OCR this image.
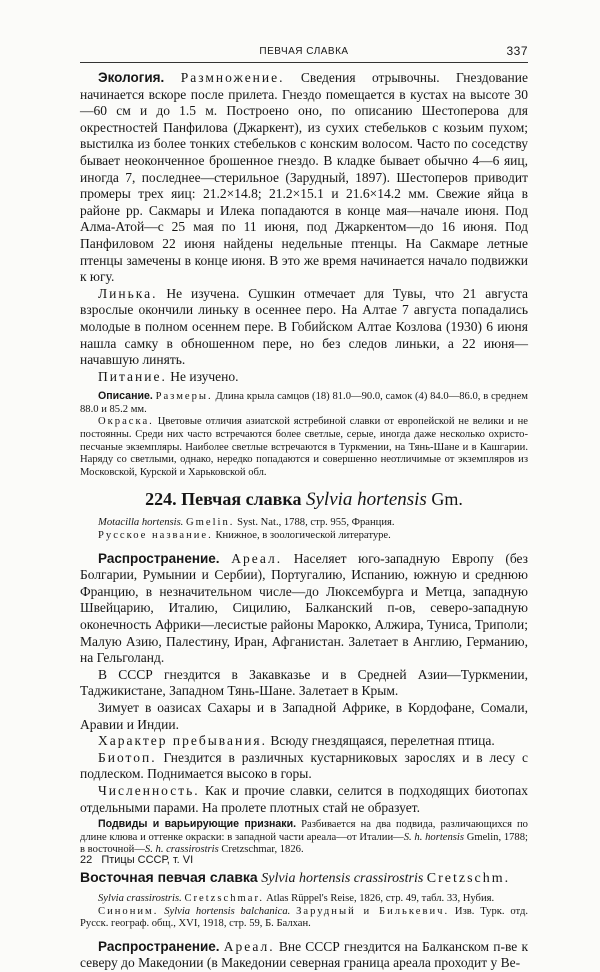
ПЕВЧАЯ СЛАВКА	337

Экология. Размножение. Сведения отрывочны. Гнездование начинается вскоре после прилета. Гнездо помещается в кустах на высоте 30—60 см и до 1.5 м. Построено оно, по описанию Шестоперова для окрестностей Панфилова (Джаркент), из сухих стебельков с козьим пухом; выстилка из более тонких стебельков с конским волосом. Часто по соседству бывает неоконченное брошенное гнездо. В кладке бывает обычно 4—6 яиц, иногда 7, последнее—стерильное (Зарудный, 1897). Шестоперов приводит промеры трех яиц: 21.2×14.8; 21.2×15.1 и 21.6×14.2 мм. Свежие яйца в районе рр. Сакмары и Илека попадаются в конце мая—начале июня. Под Алма-Атой—с 25 мая по 11 июня, под Джаркентом—до 16 июня. Под Панфиловом 22 июня найдены недельные птенцы. На Сакмаре летные птенцы замечены в конце июня. В это же время начинается начало подвижки к югу.

Линька. Не изучена. Сушкин отмечает для Тувы, что 21 августа взрослые окончили линьку в осеннее перо. На Алтае 7 августа попадались молодые в полном осеннем пере. В Гобийском Алтае Козлова (1930) 6 июня нашла самку в обношенном пере, но без следов линьки, а 22 июня—начавшую линять.

Питание. Не изучено.

Описание. Размеры. Длина крыла самцов (18) 81.0—90.0, самок (4) 84.0—86.0, в среднем 88.0 и 85.2 мм.

Окраска. Цветовые отличия азиатской ястребиной славки от европейской не велики и не постоянны. Среди них часто встречаются более светлые, серые, иногда даже несколько охристо-песчаные экземпляры. Наиболее светлые встречаются в Туркмении, на Тянь-Шане и в Кашгарии. Наряду со светлыми, однако, нередко попадаются и совершенно неотличимые от экземпляров из Московской, Курской и Харьковской обл.

224. Певчая славка Sylvia hortensis Gm.

Motacilla hortensis. Gmelin. Syst. Nat., 1788, стр. 955, Франция.

Русское название. Книжное, в зоологической литературе.

Распространение. Ареал. Населяет юго-западную Европу (без Болгарии, Румынии и Сербии), Португалию, Испанию, южную и среднюю Францию, в незначительном числе—до Люксембурга и Метца, западную Швейцарию, Италию, Сицилию, Балканский п-ов, северо-западную оконечность Африки—лесистые районы Марокко, Алжира, Туниса, Триполи; Малую Азию, Палестину, Иран, Афганистан. Залетает в Англию, Германию, на Гельголанд.

В СССР гнездится в Закавказье и в Средней Азии—Туркмении, Таджикистане, Западном Тянь-Шане. Залетает в Крым.

Зимует в оазисах Сахары и в Западной Африке, в Кордофане, Сомали, Аравии и Индии.

Характер пребывания. Всюду гнездящаяся, перелетная птица.

Биотоп. Гнездится в различных кустарниковых зарослях и в лесу с подлеском. Поднимается высоко в горы.

Численность. Как и прочие славки, селится в подходящих биотопах отдельными парами. На пролете плотных стай не образует.

Подвиды и варьирующие признаки. Разбивается на два подвида, различающихся по длине клюва и оттенке окраски: в западной части ареала—от Италии—S. h. hortensis Gmelin, 1788; в восточной—S. h. crassirostris Cretzschmar, 1826.

Восточная певчая славка Sylvia hortensis crassirostris Cretzschm.

Sylvia crassirostris. Cretzschmar. Atlas Rüppel's Reise, 1826, стр. 49, табл. 33, Нубия.

Синоним. Sylvia hortensis balchanica. Зарудный и Билькевич. Изв. Турк. отд. Русск. географ. общ., XVI, 1918, стр. 59, Б. Балхан.

Распространение. Ареал. Вне СССР гнездится на Балканском п-ве к северу до Македонии (в Македонии северная граница ареала проходит у Ве-

22 Птицы СССР, т. VI
